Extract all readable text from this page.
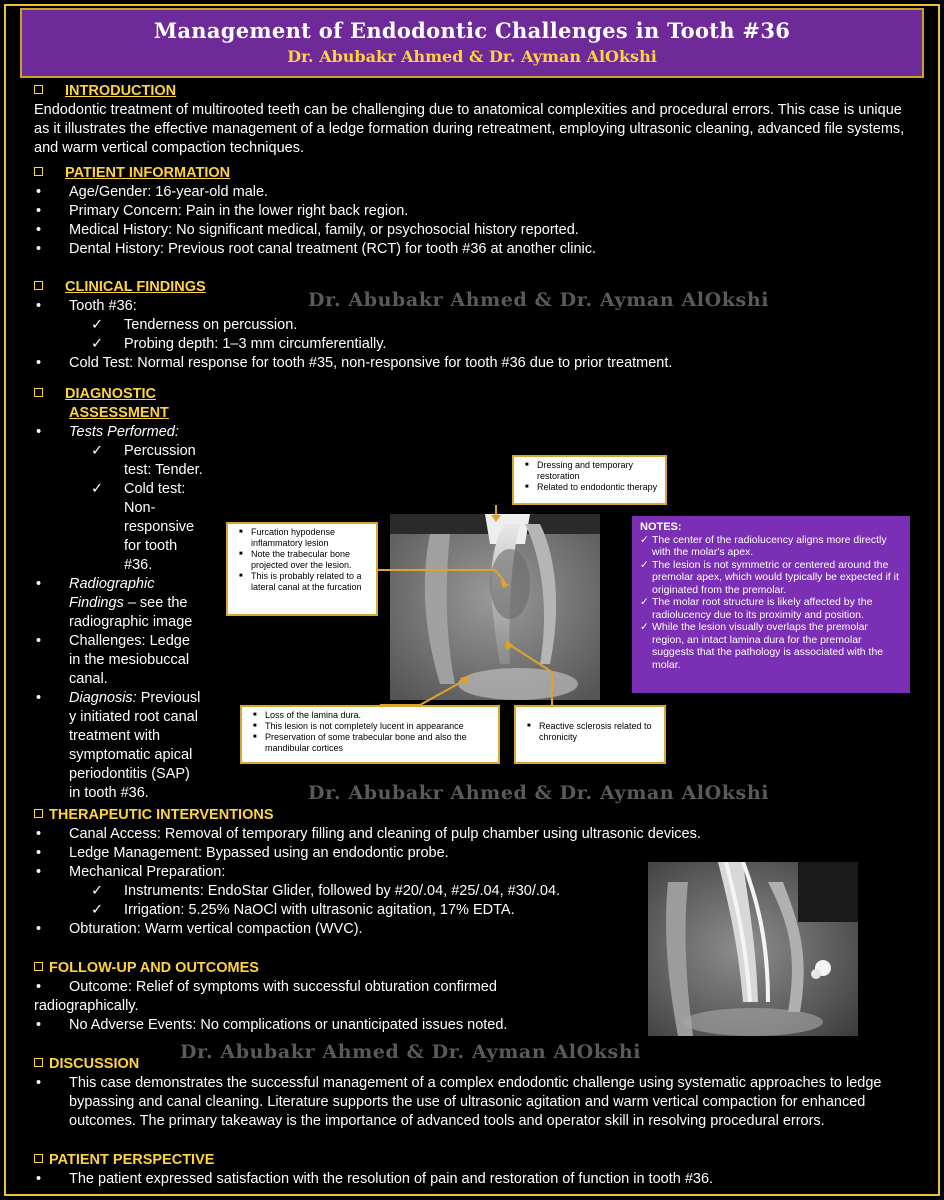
Management of Endodontic Challenges in Tooth #36
Dr. Abubakr Ahmed & Dr. Ayman AlOkshi
INTRODUCTION
Endodontic treatment of multirooted teeth can be challenging due to anatomical complexities and procedural errors. This case is unique as it illustrates the effective management of a ledge formation during retreatment, employing ultrasonic cleaning, advanced file systems, and warm vertical compaction techniques.
PATIENT INFORMATION
• Age/Gender: 16-year-old male.
• Primary Concern: Pain in the lower right back region.
• Medical History: No significant medical, family, or psychosocial history reported.
• Dental History: Previous root canal treatment (RCT) for tooth #36 at another clinic.
CLINICAL FINDINGS
• Tooth #36:
✓ Tenderness on percussion.
✓ Probing depth: 1–3 mm circumferentially.
• Cold Test: Normal response for tooth #35, non-responsive for tooth #36 due to prior treatment.
Dr. Abubakr Ahmed & Dr. Ayman AlOkshi
DIAGNOSTIC
ASSESSMENT
• Tests Performed:
✓ Percussion
test: Tender.
✓ Cold test:
Non-
responsive
for tooth
#36.
• Radiographic
Findings – see the
radiographic image
• Challenges: Ledge
in the mesiobuccal
canal.
• Diagnosis: Previousl
y initiated root canal
treatment with
symptomatic apical
periodontitis (SAP)
in tooth #36.
■ Dressing and temporary restoration
■ Related to endodontic therapy
■ Furcation hypodense inflammatory lesion
■ Note the trabecular bone projected over the lesion.
■ This is probably related to a lateral canal at the furcation
■ Loss of the lamina dura.
■ This lesion is not completely lucent in appearance
■ Preservation of some trabecular bone and also the mandibular cortices
■ Reactive sclerosis related to chronicity
NOTES:
✓ The center of the radiolucency aligns more directly with the molar's apex.
✓ The lesion is not symmetric or centered around the premolar apex, which would typically be expected if it originated from the premolar.
✓ The molar root structure is likely affected by the radiolucency due to its proximity and position.
✓ While the lesion visually overlaps the premolar region, an intact lamina dura for the premolar suggests that the pathology is associated with the molar.
Dr. Abubakr Ahmed & Dr. Ayman AlOkshi
THERAPEUTIC INTERVENTIONS
• Canal Access: Removal of temporary filling and cleaning of pulp chamber using ultrasonic devices.
• Ledge Management: Bypassed using an endodontic probe.
• Mechanical Preparation:
✓ Instruments: EndoStar Glider, followed by #20/.04, #25/.04, #30/.04.
✓ Irrigation: 5.25% NaOCl with ultrasonic agitation, 17% EDTA.
• Obturation: Warm vertical compaction (WVC).
FOLLOW-UP AND OUTCOMES
• Outcome: Relief of symptoms with successful obturation confirmed
radiographically.
• No Adverse Events: No complications or unanticipated issues noted.
Dr. Abubakr Ahmed & Dr. Ayman AlOkshi
DISCUSSION
• This case demonstrates the successful management of a complex endodontic challenge using systematic approaches to ledge bypassing and canal cleaning. Literature supports the use of ultrasonic agitation and warm vertical compaction for enhanced outcomes. The primary takeaway is the importance of advanced tools and operator skill in resolving procedural errors.
PATIENT PERSPECTIVE
• The patient expressed satisfaction with the resolution of pain and restoration of function in tooth #36.
